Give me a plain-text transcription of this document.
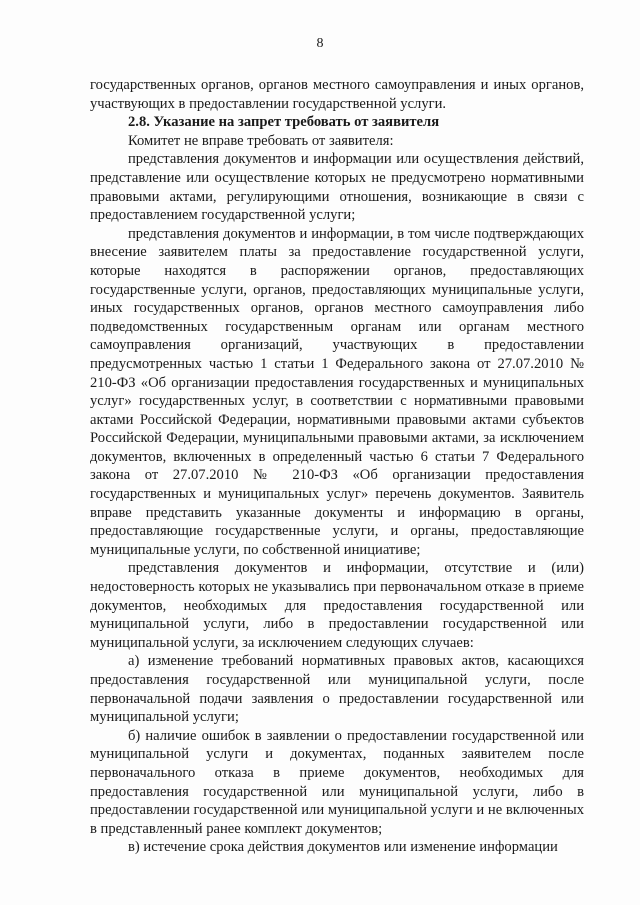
8

государственных органов, органов местного самоуправления и иных органов, участвующих в предоставлении государственной услуги.

2.8. Указание на запрет требовать от заявителя

Комитет не вправе требовать от заявителя:

представления документов и информации или осуществления действий, представление или осуществление которых не предусмотрено нормативными правовыми актами, регулирующими отношения, возникающие в связи с предоставлением государственной услуги;

представления документов и информации, в том числе подтверждающих внесение заявителем платы за предоставление государственной услуги, которые находятся в распоряжении органов, предоставляющих государственные услуги, органов, предоставляющих муниципальные услуги, иных государственных органов, органов местного самоуправления либо подведомственных государственным органам или органам местного самоуправления организаций, участвующих в предоставлении предусмотренных частью 1 статьи 1 Федерального закона от 27.07.2010 № 210-ФЗ «Об организации предоставления государственных и муниципальных услуг» государственных услуг, в соответствии с нормативными правовыми актами Российской Федерации, нормативными правовыми актами субъектов Российской Федерации, муниципальными правовыми актами, за исключением документов, включенных в определенный частью 6 статьи 7 Федерального закона от 27.07.2010 № 210-ФЗ «Об организации предоставления государственных и муниципальных услуг» перечень документов. Заявитель вправе представить указанные документы и информацию в органы, предоставляющие государственные услуги, и органы, предоставляющие муниципальные услуги, по собственной инициативе;

представления документов и информации, отсутствие и (или) недостоверность которых не указывались при первоначальном отказе в приеме документов, необходимых для предоставления государственной или муниципальной услуги, либо в предоставлении государственной или муниципальной услуги, за исключением следующих случаев:

а) изменение требований нормативных правовых актов, касающихся предоставления государственной или муниципальной услуги, после первоначальной подачи заявления о предоставлении государственной или муниципальной услуги;

б) наличие ошибок в заявлении о предоставлении государственной или муниципальной услуги и документах, поданных заявителем после первоначального отказа в приеме документов, необходимых для предоставления государственной или муниципальной услуги, либо в предоставлении государственной или муниципальной услуги и не включенных в представленный ранее комплект документов;

в) истечение срока действия документов или изменение информации
